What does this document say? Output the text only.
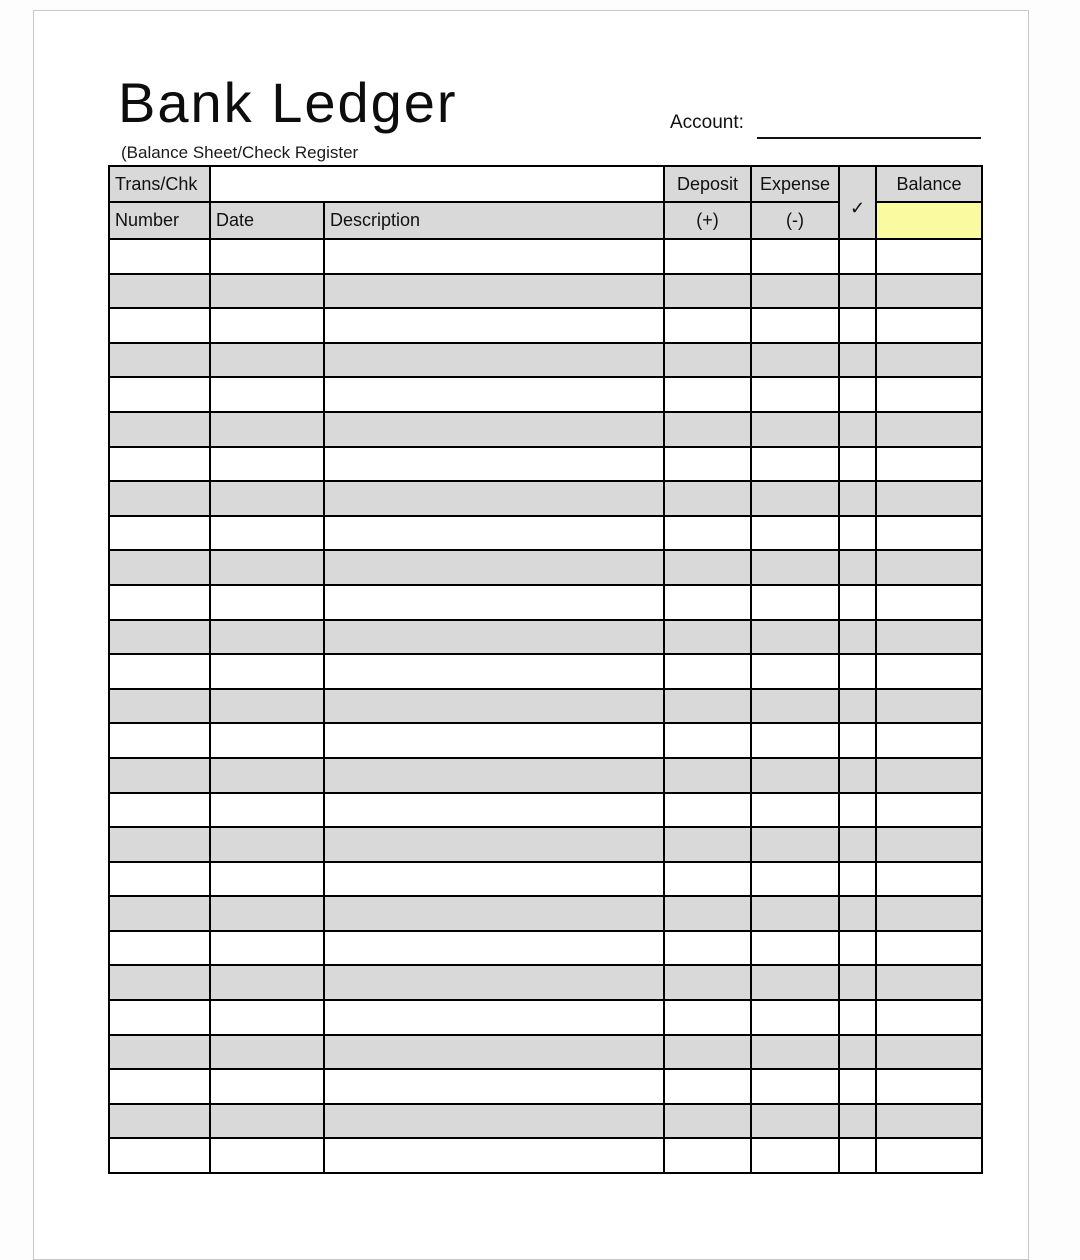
Bank Ledger
(Balance Sheet/Check Register
Account:
Trans/Chk			Deposit	Expense	✓	Balance
Number	Date	Description	(+)	(-)		
